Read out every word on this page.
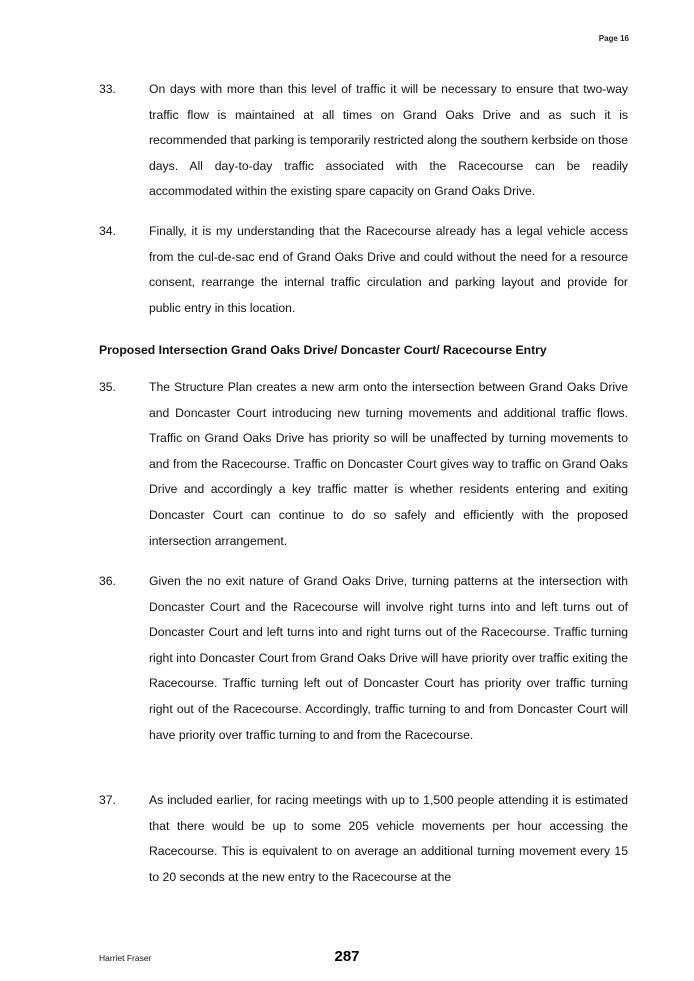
Page 16
33.	On days with more than this level of traffic it will be necessary to ensure that two-way traffic flow is maintained at all times on Grand Oaks Drive and as such it is recommended that parking is temporarily restricted along the southern kerbside on those days. All day-to-day traffic associated with the Racecourse can be readily accommodated within the existing spare capacity on Grand Oaks Drive.
34.	Finally, it is my understanding that the Racecourse already has a legal vehicle access from the cul-de-sac end of Grand Oaks Drive and could without the need for a resource consent, rearrange the internal traffic circulation and parking layout and provide for public entry in this location.
Proposed Intersection Grand Oaks Drive/ Doncaster Court/ Racecourse Entry
35.	The Structure Plan creates a new arm onto the intersection between Grand Oaks Drive and Doncaster Court introducing new turning movements and additional traffic flows. Traffic on Grand Oaks Drive has priority so will be unaffected by turning movements to and from the Racecourse. Traffic on Doncaster Court gives way to traffic on Grand Oaks Drive and accordingly a key traffic matter is whether residents entering and exiting Doncaster Court can continue to do so safely and efficiently with the proposed intersection arrangement.
36.	Given the no exit nature of Grand Oaks Drive, turning patterns at the intersection with Doncaster Court and the Racecourse will involve right turns into and left turns out of Doncaster Court and left turns into and right turns out of the Racecourse. Traffic turning right into Doncaster Court from Grand Oaks Drive will have priority over traffic exiting the Racecourse. Traffic turning left out of Doncaster Court has priority over traffic turning right out of the Racecourse. Accordingly, traffic turning to and from Doncaster Court will have priority over traffic turning to and from the Racecourse.
37.	As included earlier, for racing meetings with up to 1,500 people attending it is estimated that there would be up to some 205 vehicle movements per hour accessing the Racecourse. This is equivalent to on average an additional turning movement every 15 to 20 seconds at the new entry to the Racecourse at the
Harriet Fraser	287
